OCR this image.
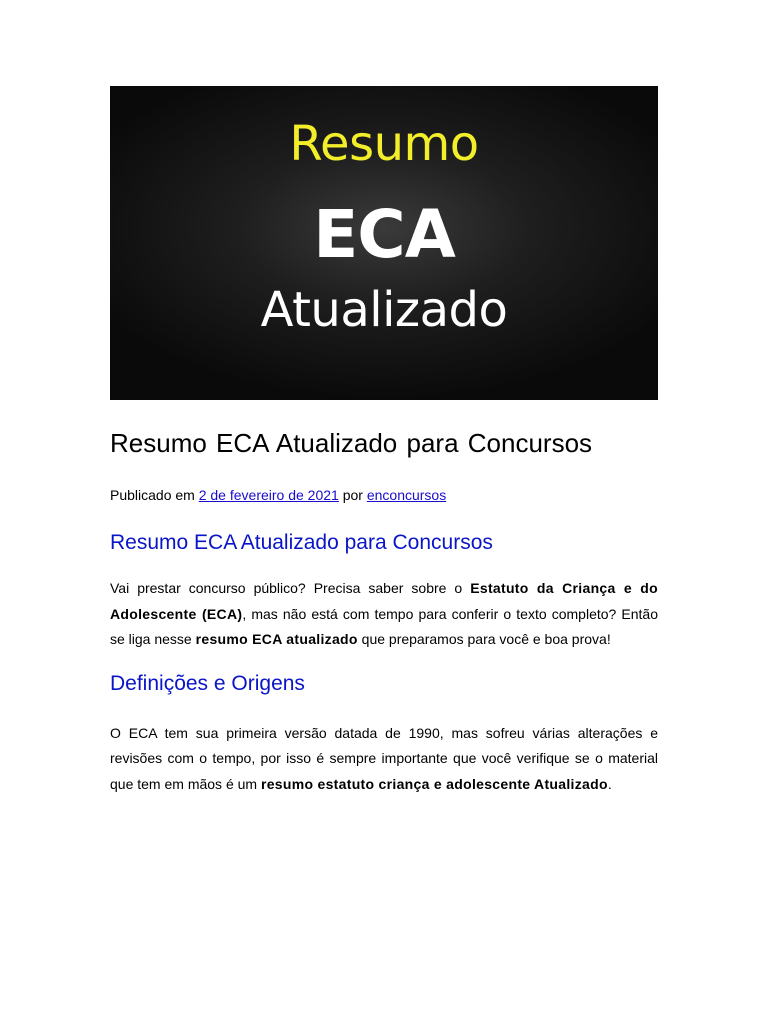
Resumo
ECA
Atualizado
Resumo ECA Atualizado para Concursos

Publicado em 2 de fevereiro de 2021 por enconcursos

Resumo ECA Atualizado para Concursos

Vai prestar concurso público? Precisa saber sobre o Estatuto da Criança e do Adolescente (ECA), mas não está com tempo para conferir o texto completo? Então se liga nesse resumo ECA atualizado que preparamos para você e boa prova!

Definições e Origens

O ECA tem sua primeira versão datada de 1990, mas sofreu várias alterações e revisões com o tempo, por isso é sempre importante que você verifique se o material que tem em mãos é um resumo estatuto criança e adolescente Atualizado.
